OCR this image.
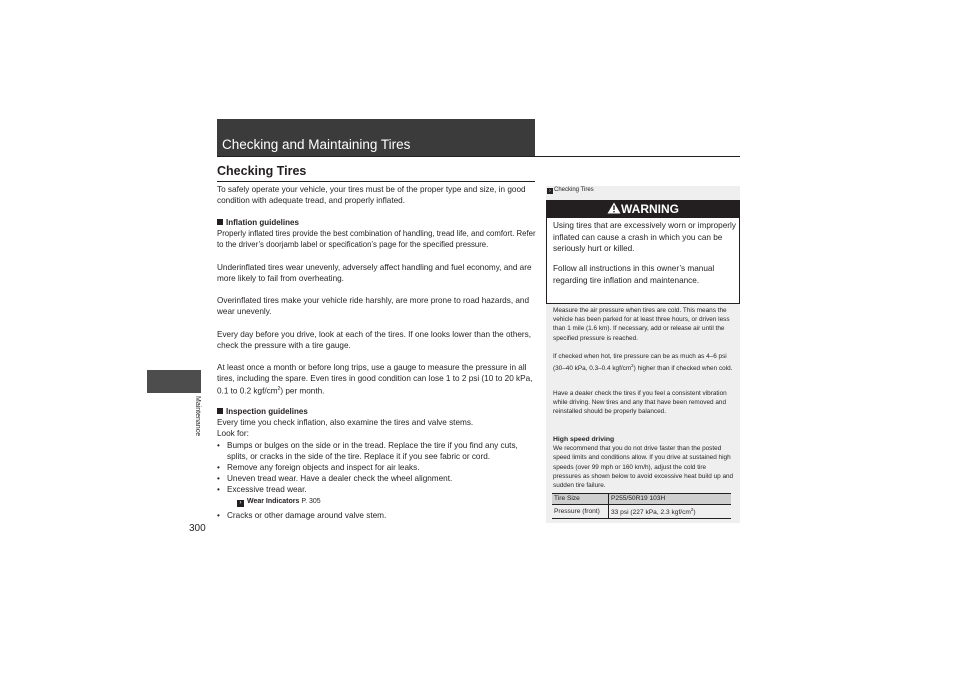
Checking and Maintaining Tires
Maintenance
300
Checking Tires

To safely operate your vehicle, your tires must be of the proper type and size, in good condition with adequate tread, and properly inflated.

Inflation guidelines

Properly inflated tires provide the best combination of handling, tread life, and comfort. Refer to the driver’s doorjamb label or specification’s page for the specified pressure.

Underinflated tires wear unevenly, adversely affect handling and fuel economy, and are more likely to fail from overheating.

Overinflated tires make your vehicle ride harshly, are more prone to road hazards, and wear unevenly.

Every day before you drive, look at each of the tires. If one looks lower than the others, check the pressure with a tire gauge.

At least once a month or before long trips, use a gauge to measure the pressure in all tires, including the spare. Even tires in good condition can lose 1 to 2 psi (10 to 20 kPa, 0.1 to 0.2 kgf/$cm^2$) per month.

Inspection guidelines

Every time you check inflation, also examine the tires and valve stems.

Look for:

• Bumps or bulges on the side or in the tread. Replace the tire if you find any cuts, splits, or cracks in the side of the tire. Replace it if you see fabric or cord.
• Remove any foreign objects and inspect for air leaks.
• Uneven tread wear. Have a dealer check the wheel alignment.
• Excessive tread wear.
› Wear Indicators P. 305
• Cracks or other damage around valve stem.
› Checking Tires
WARNING
Using tires that are excessively worn or improperly inflated can cause a crash in which you can be seriously hurt or killed.
Follow all instructions in this owner’s manual regarding tire inflation and maintenance.
Measure the air pressure when tires are cold. This means the vehicle has been parked for at least three hours, or driven less than 1 mile (1.6 km). If necessary, add or release air until the specified pressure is reached.
If checked when hot, tire pressure can be as much as 4–6 psi (30–40 kPa, 0.3–0.4 kgf/$cm^2$) higher than if checked when cold.
Have a dealer check the tires if you feel a consistent vibration while driving. New tires and any that have been removed and reinstalled should be properly balanced.

High speed driving

We recommend that you do not drive faster than the posted speed limits and conditions allow. If you drive at sustained high speeds (over 99 mph or 160 km/h), adjust the cold tire pressures as shown below to avoid excessive heat build up and sudden tire failure.

Tire Size	P255/50R19 103H
Pressure (front)	33 psi (227 kPa, 2.3 kgf/$cm^2$)
